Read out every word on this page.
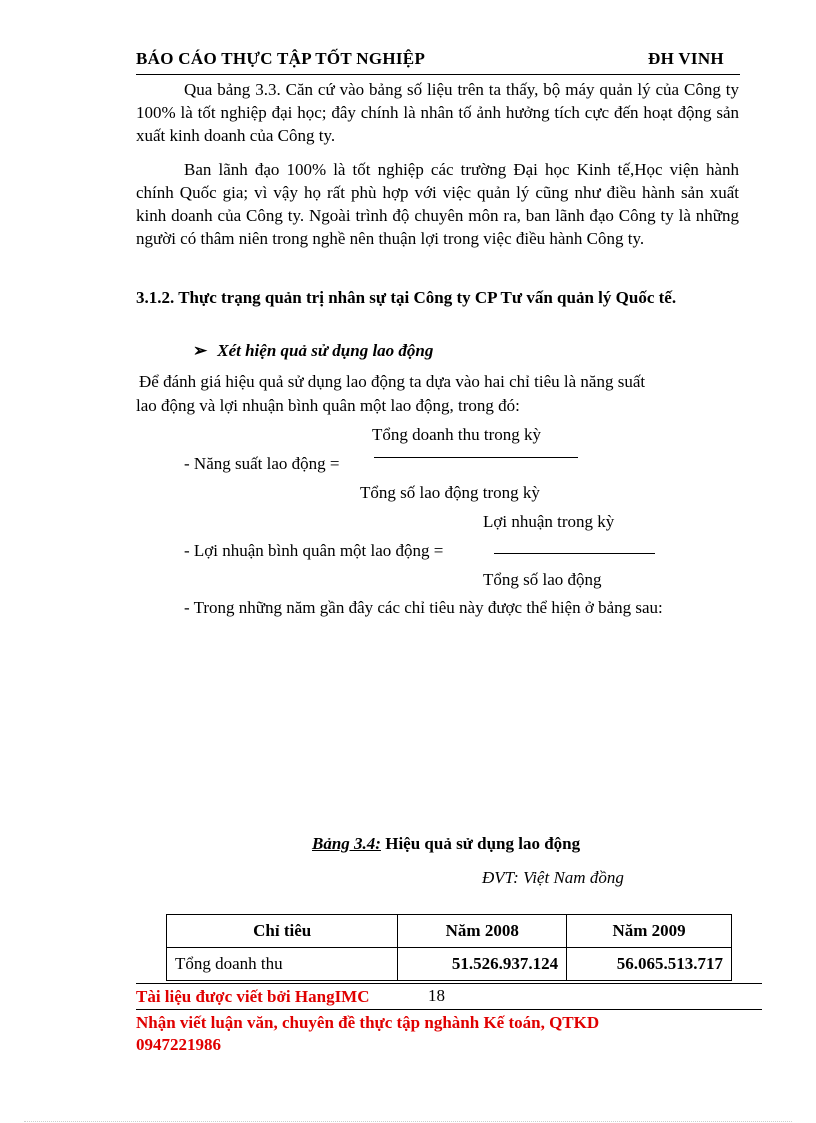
BÁO CÁO THỰC TẬP TỐT NGHIỆP	ĐH VINH
Qua bảng 3.3. Căn cứ vào bảng số liệu trên ta thấy, bộ máy quản lý của Công ty 100% là tốt nghiệp đại học; đây chính là nhân tố ảnh hưởng tích cực đến hoạt động sản xuất kinh doanh của Công ty.
Ban lãnh đạo 100% là tốt nghiệp các trường Đại học Kinh tế,Học viện hành chính Quốc gia; vì vậy họ rất phù hợp với việc quản lý cũng như điều hành sản xuất kinh doanh của Công ty. Ngoài trình độ chuyên môn ra, ban lãnh đạo Công ty là những người có thâm niên trong nghề nên thuận lợi trong việc điều hành Công ty.
3.1.2. Thực trạng quản trị nhân sự tại Công ty CP Tư vấn quản lý Quốc tế.
➢ Xét hiện quả sử dụng lao động
Để đánh giá hiệu quả sử dụng lao động ta dựa vào hai chỉ tiêu là năng suất
lao động và lợi nhuận bình quân một lao động, trong đó:
Tổng doanh thu trong kỳ
- Năng suất lao động =
Tổng số lao động trong kỳ
Lợi nhuận trong kỳ
- Lợi nhuận bình quân một lao động =
Tổng số lao động
- Trong những năm gần đây các chỉ tiêu này được thể hiện ở bảng sau:
Bảng 3.4: Hiệu quả sử dụng lao động
ĐVT: Việt Nam đồng
Chỉ tiêu	Năm 2008	Năm 2009
Tổng doanh thu	51.526.937.124	56.065.513.717
Tài liệu được viết bởi HangIMC	18
Nhận viết luận văn, chuyên đề thực tập nghành Kế toán, QTKD
0947221986
